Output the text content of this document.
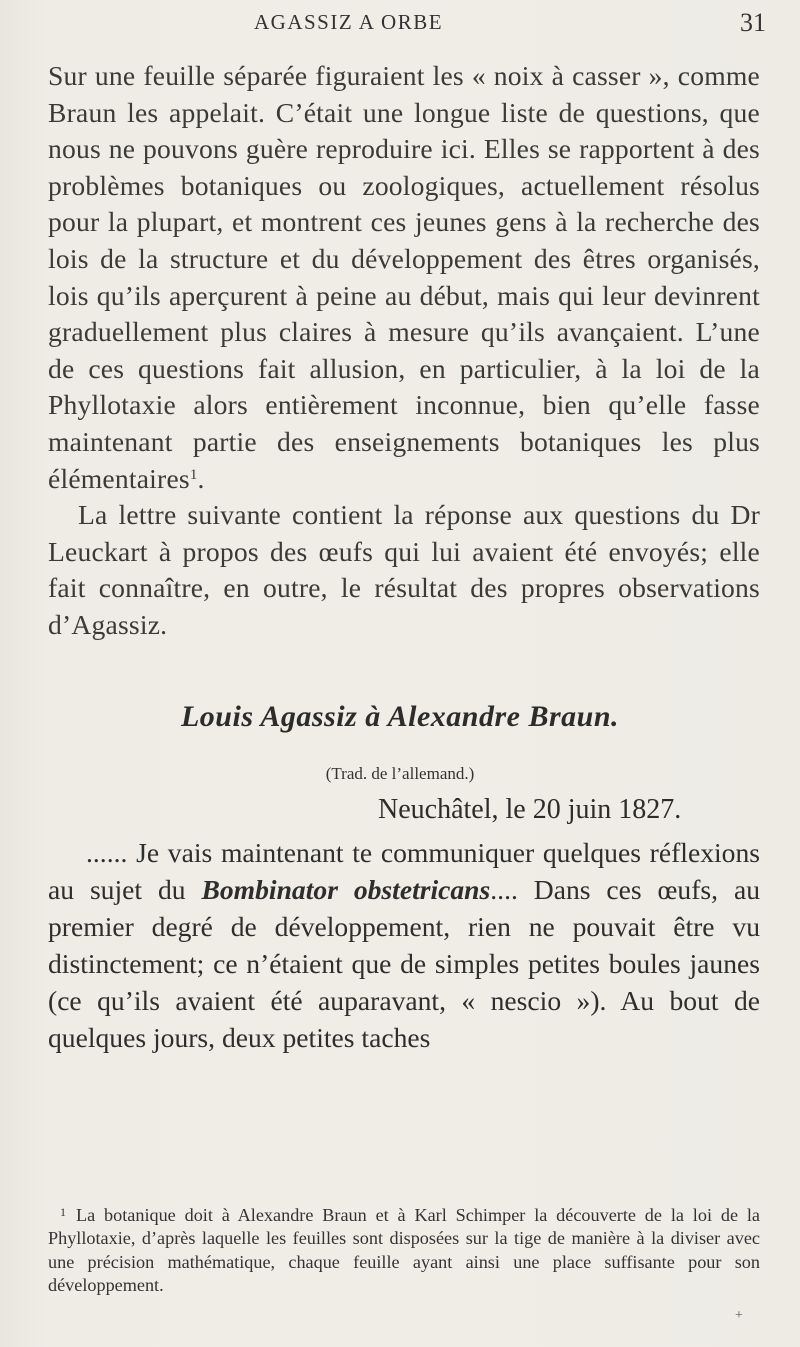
AGASSIZ A ORBE	31

Sur une feuille séparée figuraient les « noix à casser », comme Braun les appelait. C’était une longue liste de questions, que nous ne pouvons guère reproduire ici. Elles se rapportent à des problèmes botaniques ou zoologiques, actuellement résolus pour la plupart, et montrent ces jeunes gens à la recherche des lois de la structure et du développement des êtres organisés, lois qu’ils aperçurent à peine au début, mais qui leur devinrent graduellement plus claires à mesure qu’ils avançaient. L’une de ces questions fait allusion, en particulier, à la loi de la Phyllotaxie alors entièrement inconnue, bien qu’elle fasse maintenant partie des enseignements botaniques les plus élémentaires$^1$.

La lettre suivante contient la réponse aux questions du Dr Leuckart à propos des œufs qui lui avaient été envoyés; elle fait connaître, en outre, le résultat des propres observations d’Agassiz.

Louis Agassiz à Alexandre Braun.
(Trad. de l’allemand.)
Neuchâtel, le 20 juin 1827.

...... Je vais maintenant te communiquer quelques réflexions au sujet du Bombinator obstetricans.... Dans ces œufs, au premier degré de développement, rien ne pouvait être vu distinctement; ce n’étaient que de simples petites boules jaunes (ce qu’ils avaient été auparavant, « nescio »). Au bout de quelques jours, deux petites taches

$^1$ La botanique doit à Alexandre Braun et à Karl Schimper la découverte de la loi de la Phyllotaxie, d’après laquelle les feuilles sont disposées sur la tige de manière à la diviser avec une précision mathématique, chaque feuille ayant ainsi une place suffisante pour son développement.

+
